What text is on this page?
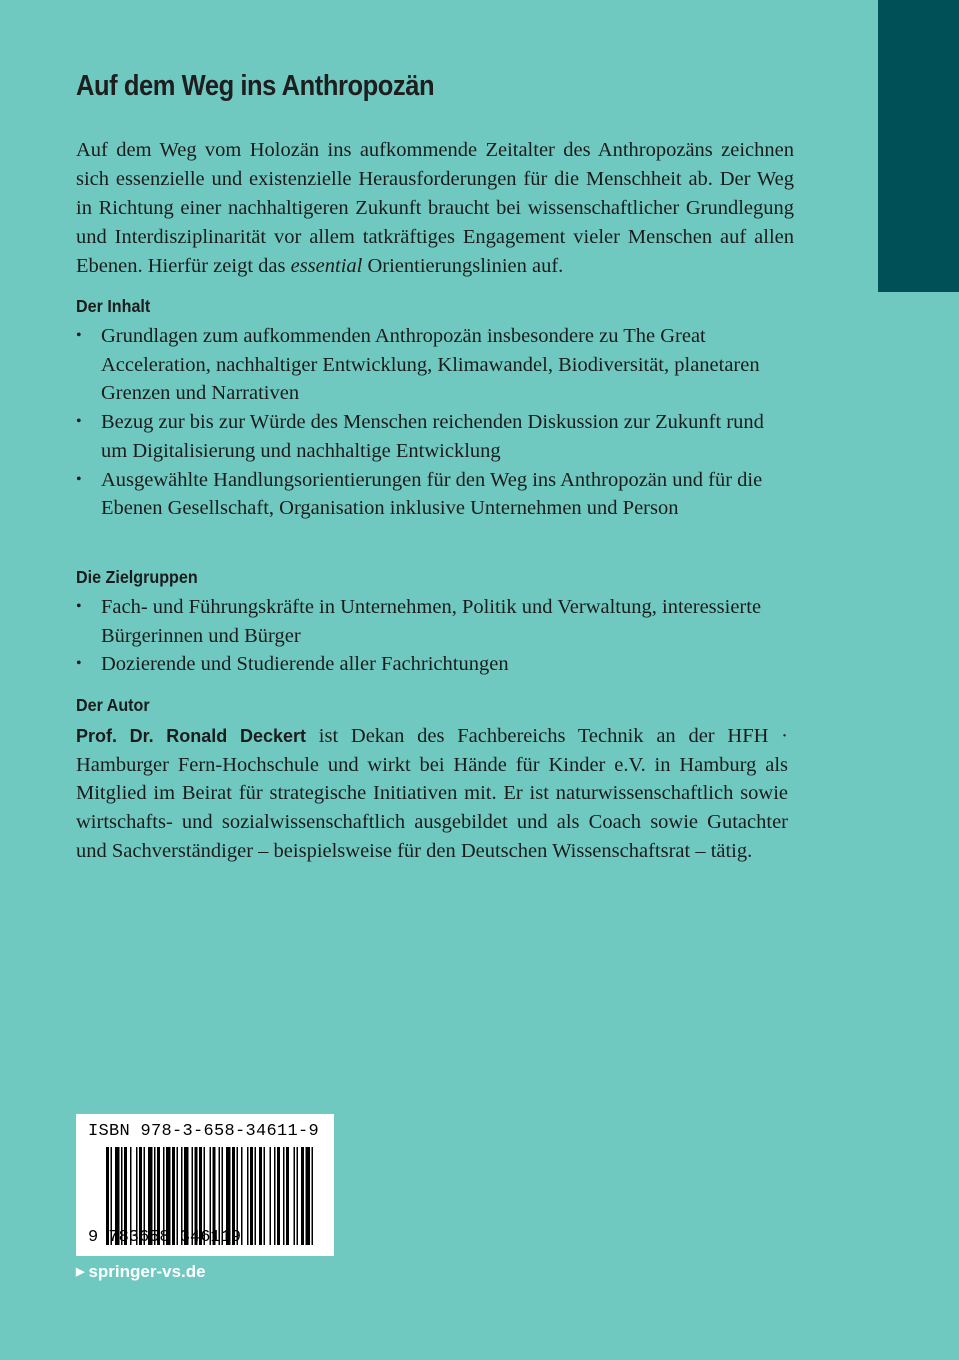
Auf dem Weg ins Anthropozän

Auf dem Weg vom Holozän ins aufkommende Zeitalter des Anthropozäns zeichnen sich essenzielle und existenzielle Herausforderungen für die Menschheit ab. Der Weg in Richtung einer nachhaltigeren Zukunft braucht bei wissenschaftlicher Grundlegung und Interdisziplinarität vor allem tatkräftiges Engagement vieler Menschen auf allen Ebenen. Hierfür zeigt das essential Orientierungslinien auf.

Der Inhalt
• Grundlagen zum aufkommenden Anthropozän insbesondere zu The Great Acceleration, nachhaltiger Entwicklung, Klimawandel, Biodiversität, planetaren Grenzen und Narrativen
• Bezug zur bis zur Würde des Menschen reichenden Diskussion zur Zukunft rund um Digitalisierung und nachhaltige Entwicklung
• Ausgewählte Handlungsorientierungen für den Weg ins Anthropozän und für die Ebenen Gesellschaft, Organisation inklusive Unternehmen und Person
Die Zielgruppen
• Fach- und Führungskräfte in Unternehmen, Politik und Verwaltung, interessierte Bürgerinnen und Bürger
• Dozierende und Studierende aller Fachrichtungen
Der Autor

Prof. Dr. Ronald Deckert ist Dekan des Fachbereichs Technik an der HFH · Hamburger Fern-Hochschule und wirkt bei Hände für Kinder e.V. in Hamburg als Mitglied im Beirat für strategische Initiativen mit. Er ist naturwissenschaftlich sowie wirtschafts- und sozialwissenschaftlich ausgebildet und als Coach sowie Gutachter und Sachverständiger – beispielsweise für den Deutschen Wissenschaftsrat – tätig.

ISBN 978-3-658-34611-9
9 783658 346119
▶ springer-vs.de
